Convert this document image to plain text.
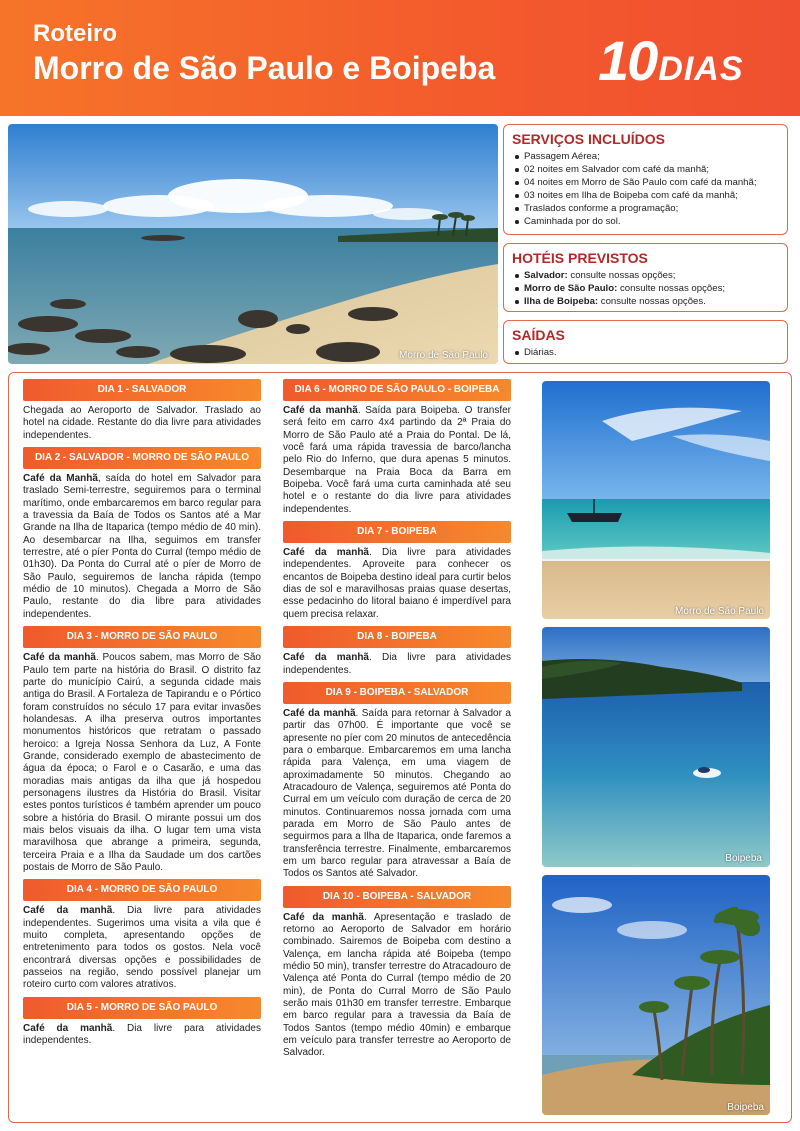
Roteiro
Morro de São Paulo e Boipeba 10 DIAS
Morro de São Paulo
SERVIÇOS INCLUÍDOS
Passagem Aérea;
02 noites em Salvador com café da manhã;
04 noites em Morro de São Paulo com café da manhã;
03 noites em Ilha de Boipeba com café da manhã;
Traslados conforme a programação;
Caminhada por do sol.
HOTÉIS PREVISTOS
Salvador: consulte nossas opções;
Morro de São Paulo: consulte nossas opções;
Ilha de Boipeba: consulte nossas opções.
SAÍDAS
Diárias.
DIA 1 - SALVADOR

Chegada ao Aeroporto de Salvador. Traslado ao hotel na cidade. Restante do dia livre para atividades independentes.

DIA 2 - SALVADOR - MORRO DE SÃO PAULO

Café da Manhã, saída do hotel em Salvador para traslado Semi-terrestre, seguiremos para o terminal marítimo, onde embarcaremos em barco regular para a travessia da Baía de Todos os Santos até a Mar Grande na Ilha de Itaparica (tempo médio de 40 min). Ao desembarcar na Ilha, seguimos em transfer terrestre, até o píer Ponta do Curral (tempo médio de 01h30). Da Ponta do Curral até o píer de Morro de São Paulo, seguiremos de lancha rápida (tempo médio de 10 minutos). Chegada a Morro de São Paulo, restante do dia libre para atividades independentes.

DIA 3 - MORRO DE SÃO PAULO

Café da manhã. Poucos sabem, mas Morro de São Paulo tem parte na história do Brasil. O distrito faz parte do município Cairú, a segunda cidade mais antiga do Brasil. A Fortaleza de Tapirandu e o Pórtico foram construídos no século 17 para evitar invasões holandesas. A ilha preserva outros importantes monumentos históricos que retratam o passado heroico: a Igreja Nossa Senhora da Luz, A Fonte Grande, considerado exemplo de abastecimento de água da época; o Farol e o Casarão, e uma das moradias mais antigas da ilha que já hospedou personagens ilustres da História do Brasil. Visitar estes pontos turísticos é também aprender um pouco sobre a história do Brasil. O mirante possui um dos mais belos visuais da ilha. O lugar tem uma vista maravilhosa que abrange a primeira, segunda, terceira Praia e a Ilha da Saudade um dos cartões postais de Morro de São Paulo.

DIA 4 - MORRO DE SÃO PAULO

Café da manhã. Dia livre para atividades independentes. Sugerimos uma visita a vila que é muito completa, apresentando opções de entretenimento para todos os gostos. Nela você encontrará diversas opções e possibilidades de passeios na região, sendo possível planejar um roteiro curto com valores atrativos.

DIA 5 - MORRO DE SÃO PAULO

Café da manhã. Dia livre para atividades independentes.

DIA 6 - MORRO DE SÃO PAULO - BOIPEBA

Café da manhã. Saída para Boipeba. O transfer será feito em carro 4x4 partindo da 2ª Praia do Morro de São Paulo até a Praia do Pontal. De lá, você fará uma rápida travessia de barco/lancha pelo Rio do Inferno, que dura apenas 5 minutos. Desembarque na Praia Boca da Barra em Boipeba. Você fará uma curta caminhada até seu hotel e o restante do dia livre para atividades independentes.

DIA 7 - BOIPEBA

Café da manhã. Dia livre para atividades independentes. Aproveite para conhecer os encantos de Boipeba destino ideal para curtir belos dias de sol e maravilhosas praias quase desertas, esse pedacinho do litoral baiano é imperdível para quem precisa relaxar.

DIA 8 - BOIPEBA

Café da manhã. Dia livre para atividades independentes.

DIA 9 - BOIPEBA - SALVADOR

Café da manhã. Saída para retornar à Salvador a partir das 07h00. É importante que você se apresente no píer com 20 minutos de antecedência para o embarque. Embarcaremos em uma lancha rápida para Valença, em uma viagem de aproximadamente 50 minutos. Chegando ao Atracadouro de Valença, seguiremos até Ponta do Curral em um veículo com duração de cerca de 20 minutos. Continuaremos nossa jornada com uma parada em Morro de São Paulo antes de seguirmos para a Ilha de Itaparica, onde faremos a transferência terrestre. Finalmente, embarcaremos em um barco regular para atravessar a Baía de Todos os Santos até Salvador.

DIA 10 - BOIPEBA - SALVADOR

Café da manhã. Apresentação e traslado de retorno ao Aeroporto de Salvador em horário combinado. Sairemos de Boipeba com destino a Valença, em lancha rápida até Boipeba (tempo médio 50 min), transfer terrestre do Atracadouro de Valença até Ponta do Curral (tempo médio de 20 min), de Ponta do Curral Morro de São Paulo serão mais 01h30 em transfer terrestre. Embarque em barco regular para a travessia da Baía de Todos Santos (tempo médio 40min) e embarque em veículo para transfer terrestre ao Aeroporto de Salvador.

Morro de São Paulo
Boipeba
Boipeba
